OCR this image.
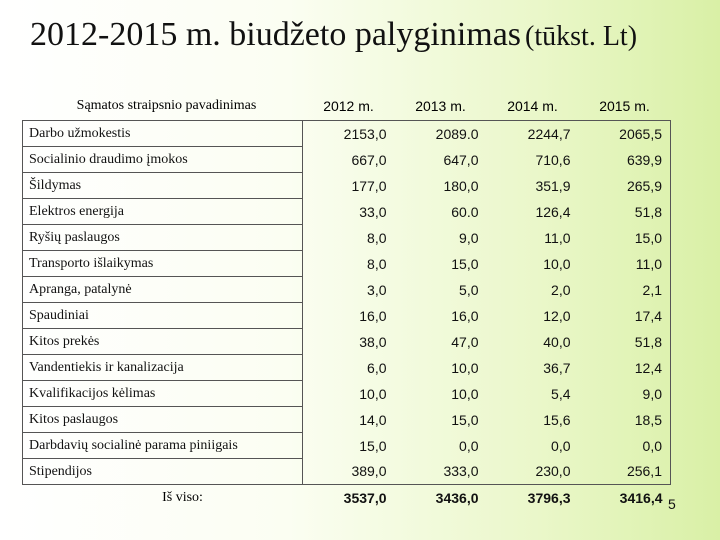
2012-2015 m. biudžeto palyginimas (tūkst. Lt)
Sąmatos straipsnio pavadinimas	2012 m.	2013 m.	2014 m.	2015 m.
Darbo užmokestis	2153,0	2089.0	2244,7	2065,5
Socialinio draudimo įmokos	667,0	647,0	710,6	639,9
Šildymas	177,0	180,0	351,9	265,9
Elektros energija	33,0	60.0	126,4	51,8
Ryšių paslaugos	8,0	9,0	11,0	15,0
Transporto išlaikymas	8,0	15,0	10,0	11,0
Apranga, patalynė	3,0	5,0	2,0	2,1
Spaudiniai	16,0	16,0	12,0	17,4
Kitos prekės	38,0	47,0	40,0	51,8
Vandentiekis ir kanalizacija	6,0	10,0	36,7	12,4
Kvalifikacijos kėlimas	10,0	10,0	5,4	9,0
Kitos paslaugos	14,0	15,0	15,6	18,5
Darbdavių socialinė parama piniigais	15,0	0,0	0,0	0,0
Stipendijos	389,0	333,0	230,0	256,1
Iš viso:	3537,0	3436,0	3796,3	3416,4 5
